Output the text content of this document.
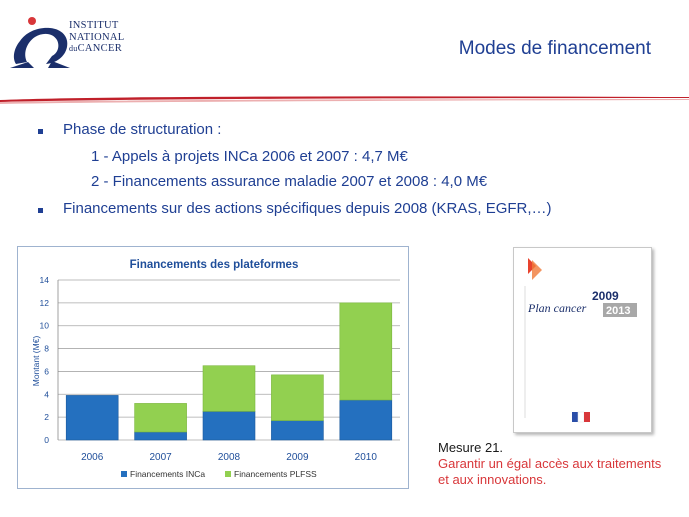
INSTITUT
NATIONAL
duCANCER	Modes de financement
Phase de structuration :
1 - Appels à projets INCa 2006 et 2007 : 4,7 M€
2 - Financements assurance maladie 2007 et 2008 : 4,0 M€
Financements sur des actions spécifiques depuis 2008 (KRAS, EGFR,…)
Financements des plateformes
Montant (M€)
0
2
4
6
8
10
12
14
2006	2007	2008	2009	2010
Financements INCa	Financements PLFSS
Plan cancer
2009
2013
Mesure 21.
Garantir un égal accès aux traitements
et aux innovations.
